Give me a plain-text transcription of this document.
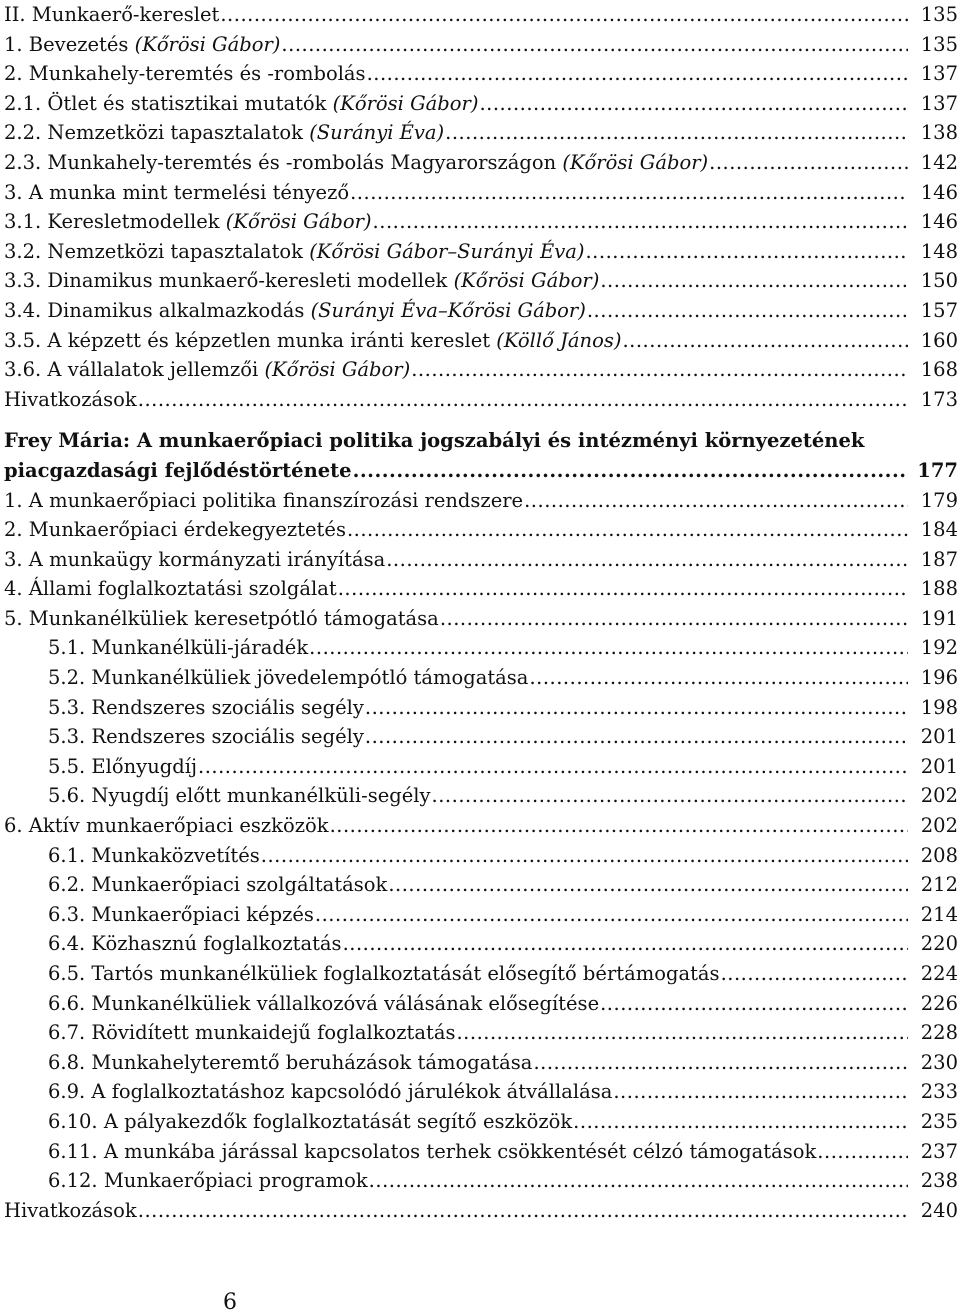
II. Munkaerő-kereslet .....	135
1. Bevezetés (Kőrösi Gábor) .....	135
2. Munkahely-teremtés és -rombolás .....	137
2.1. Ötlet és statisztikai mutatók (Kőrösi Gábor) .....	137
2.2. Nemzetközi tapasztalatok (Surányi Éva) .....	138
2.3. Munkahely-teremtés és -rombolás Magyarországon (Kőrösi Gábor) .....	142
3. A munka mint termelési tényező .....	146
3.1. Keresletmodellek (Kőrösi Gábor) .....	146
3.2. Nemzetközi tapasztalatok (Kőrösi Gábor–Surányi Éva) .....	148
3.3. Dinamikus munkaerő-keresleti modellek (Kőrösi Gábor) .....	150
3.4. Dinamikus alkalmazkodás (Surányi Éva–Kőrösi Gábor) .....	157
3.5. A képzett és képzetlen munka iránti kereslet (Köllő János) .....	160
3.6. A vállalatok jellemzői (Kőrösi Gábor) .....	168
Hivatkozások .....	173
Frey Mária: A munkaerőpiaci politika jogszabályi és intézményi környezetének
piacgazdasági fejlődéstörténete .....	177
1. A munkaerőpiaci politika finanszírozási rendszere .....	179
2. Munkaerőpiaci érdekegyeztetés .....	184
3. A munkaügy kormányzati irányítása .....	187
4. Állami foglalkoztatási szolgálat .....	188
5. Munkanélküliek keresetpótló támogatása .....	191
5.1. Munkanélküli-járadék .....	192
5.2. Munkanélküliek jövedelempótló támogatása .....	196
5.3. Rendszeres szociális segély .....	198
5.3. Rendszeres szociális segély .....	201
5.5. Előnyugdíj .....	201
5.6. Nyugdíj előtt munkanélküli-segély .....	202
6. Aktív munkaerőpiaci eszközök .....	202
6.1. Munkaközvetítés .....	208
6.2. Munkaerőpiaci szolgáltatások .....	212
6.3. Munkaerőpiaci képzés .....	214
6.4. Közhasznú foglalkoztatás .....	220
6.5. Tartós munkanélküliek foglalkoztatását elősegítő bértámogatás .....	224
6.6. Munkanélküliek vállalkozóvá válásának elősegítése .....	226
6.7. Rövidített munkaidejű foglalkoztatás .....	228
6.8. Munkahelyteremtő beruházások támogatása .....	230
6.9. A foglalkoztatáshoz kapcsolódó járulékok átvállalása .....	233
6.10. A pályakezdők foglalkoztatását segítő eszközök .....	235
6.11. A munkába járással kapcsolatos terhek csökkentését célzó támogatások .....	237
6.12. Munkaerőpiaci programok .....	238
Hivatkozások .....	240
6
